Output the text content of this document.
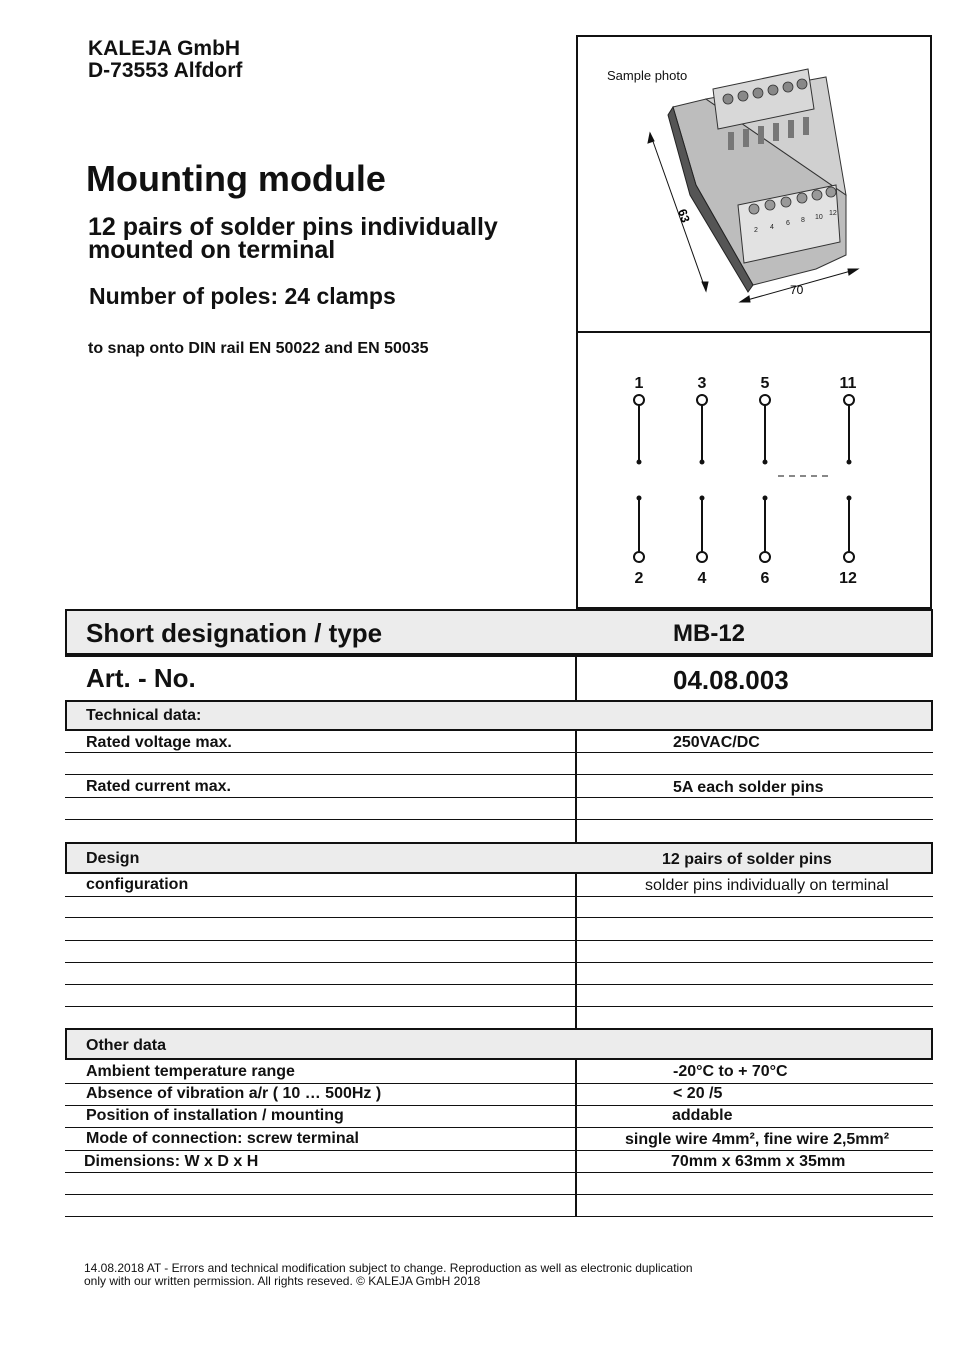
KALEJA GmbH
D-73553 Alfdorf
Mounting module
12 pairs of solder pins individually mounted on terminal
Number of poles: 24 clamps
to snap onto DIN rail EN 50022 and EN 50035
Sample photo
2 4
6 8 10
12
63
70
1	3	5	11
2	4	6	12
Short designation / type	MB-12
Art. - No.	04.08.003
Technical data:
Rated voltage max.	250VAC/DC
Rated current max.	5A each solder pins
Design	12 pairs of solder pins
configuration	solder pins individually on terminal
Other data
Ambient temperature range	-20°C to + 70°C
Absence of vibration a/r ( 10 … 500Hz )	< 20 /5
Position of installation / mounting	addable
Mode of connection: screw terminal	single wire 4mm², fine wire 2,5mm²
Dimensions: W x D x H	70mm x 63mm x 35mm
14.08.2018 AT - Errors and technical modification subject to change. Reproduction as well as electronic duplication only with our written permission. All rights reseved. © KALEJA GmbH 2018
